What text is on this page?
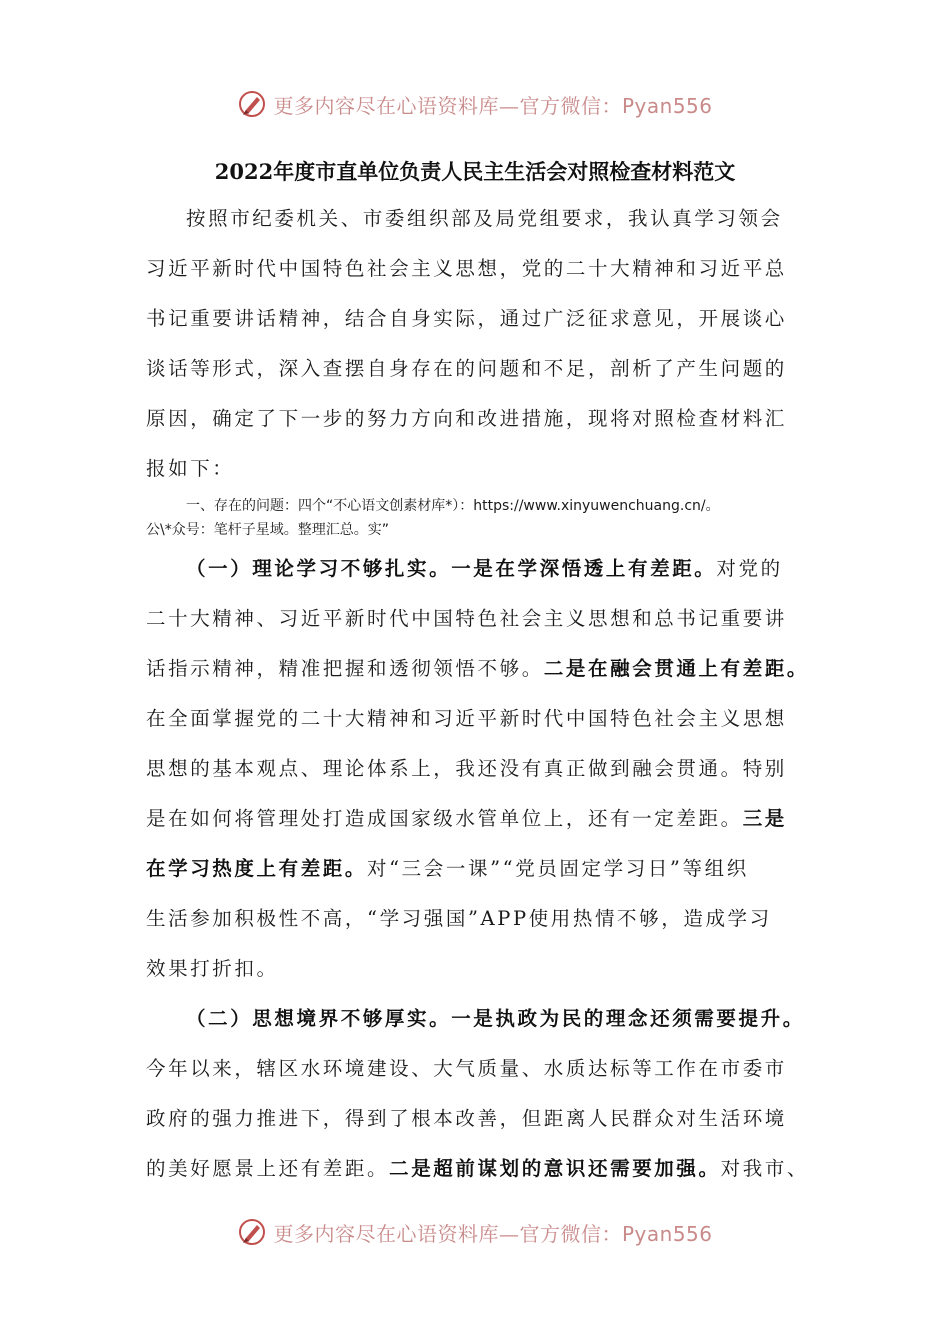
更多内容尽在心语资料库—官方微信：Pyan556
2022年度市直单位负责人民主生活会对照检查材料范文
按照市纪委机关、市委组织部及局党组要求，我认真学习领会
习近平新时代中国特色社会主义思想，党的二十大精神和习近平总
书记重要讲话精神，结合自身实际，通过广泛征求意见，开展谈心
谈话等形式，深入查摆自身存在的问题和不足，剖析了产生问题的
原因，确定了下一步的努力方向和改进措施，现将对照检查材料汇
报如下：
一、存在的问题：四个“不心语文创素材库*）：https://www.xinyuwenchuang.cn/。
公\*众号：笔杆子星域。整理汇总。实”
（一）理论学习不够扎实。一是在学深悟透上有差距。对党的
二十大精神、习近平新时代中国特色社会主义思想和总书记重要讲
话指示精神，精准把握和透彻领悟不够。二是在融会贯通上有差距。
在全面掌握党的二十大精神和习近平新时代中国特色社会主义思想
思想的基本观点、理论体系上，我还没有真正做到融会贯通。特别
是在如何将管理处打造成国家级水管单位上，还有一定差距。三是
在学习热度上有差距。对“三会一课”“党员固定学习日”等组织
生活参加积极性不高，“学习强国”APP使用热情不够，造成学习
效果打折扣。
（二）思想境界不够厚实。一是执政为民的理念还须需要提升。
今年以来，辖区水环境建设、大气质量、水质达标等工作在市委市
政府的强力推进下，得到了根本改善，但距离人民群众对生活环境
的美好愿景上还有差距。二是超前谋划的意识还需要加强。对我市、
更多内容尽在心语资料库—官方微信：Pyan556
